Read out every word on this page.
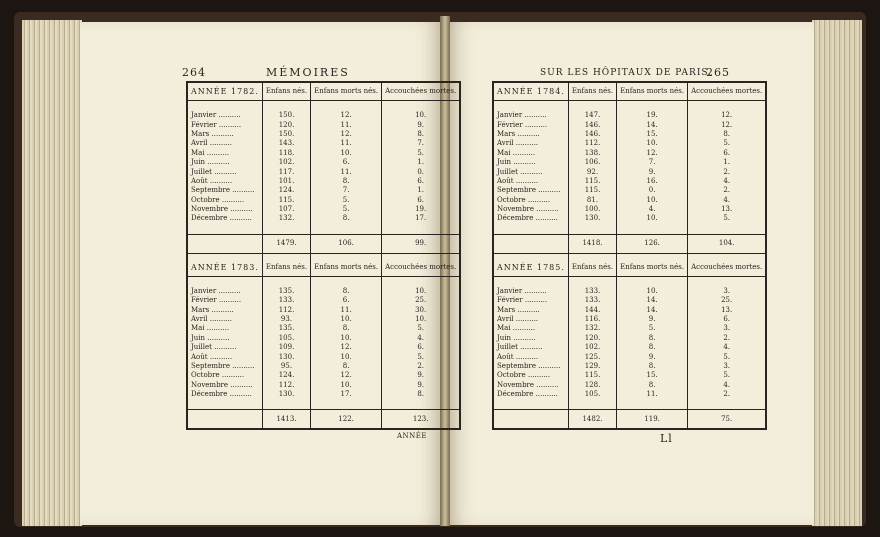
264	MÉMOIRES	SUR LES HÔPITAUX DE PARIS.
265
ANNÉE 1782.	Enfans nés.	Enfans morts nés.	Accouchées mortes.

Janvier ..........	150.	12.	10.
Février ..........	120.	11.	9.
Mars ..........	150.	12.	8.
Avril ..........	143.	11.	7.
Mai ..........	118.	10.	5.
Juin ..........	102.	6.	1.
Juillet ..........	117.	11.	0.
Août ..........	101.	8.	6.
Septembre ..........	124.	7.	1.
Octobre ..........	115.	5.	6.
Novembre ..........	107.	5.	19.
Décembre ..........	132.	8.	17.

	1479.	106.	99.

ANNÉE 1783.	Enfans nés.	Enfans morts nés.	Accouchées mortes.

Janvier ..........	135.	8.	10.
Février ..........	133.	6.	25.
Mars ..........	112.	11.	30.
Avril ..........	93.	10.	10.
Mai ..........	135.	8.	5.
Juin ..........	105.	10.	4.
Juillet ..........	109.	12.	6.
Août ..........	130.	10.	5.
Septembre ..........	95.	8.	2.
Octobre ..........	124.	12.	9.
Novembre ..........	112.	10.	9.
Décembre ..........	130.	17.	8.

	1413.	122.	123.
ANNÉE 1784.	Enfans nés.	Enfans morts nés.	Accouchées mortes.

Janvier ..........	147.	19.	12.
Février ..........	146.	14.	12.
Mars ..........	146.	15.	8.
Avril ..........	112.	10.	5.
Mai ..........	138.	12.	6.
Juin ..........	106.	7.	1.
Juillet ..........	92.	9.	2.
Août ..........	115.	16.	4.
Septembre ..........	115.	0.	2.
Octobre ..........	81.	10.	4.
Novembre ..........	100.	4.	13.
Décembre ..........	130.	10.	5.

	1418.	126.	104.

ANNÉE 1785.	Enfans nés.	Enfans morts nés.	Accouchées mortes.

Janvier ..........	133.	10.	3.
Février ..........	133.	14.	25.
Mars ..........	144.	14.	13.
Avril ..........	116.	9.	6.
Mai ..........	132.	5.	3.
Juin ..........	120.	8.	2.
Juillet ..........	102.	8.	4.
Août ..........	125.	9.	5.
Septembre ..........	129.	8.	3.
Octobre ..........	115.	15.	5.
Novembre ..........	128.	8.	4.
Décembre ..........	105.	11.	2.

	1482.	119.	75.
ANNÉE	Ll
